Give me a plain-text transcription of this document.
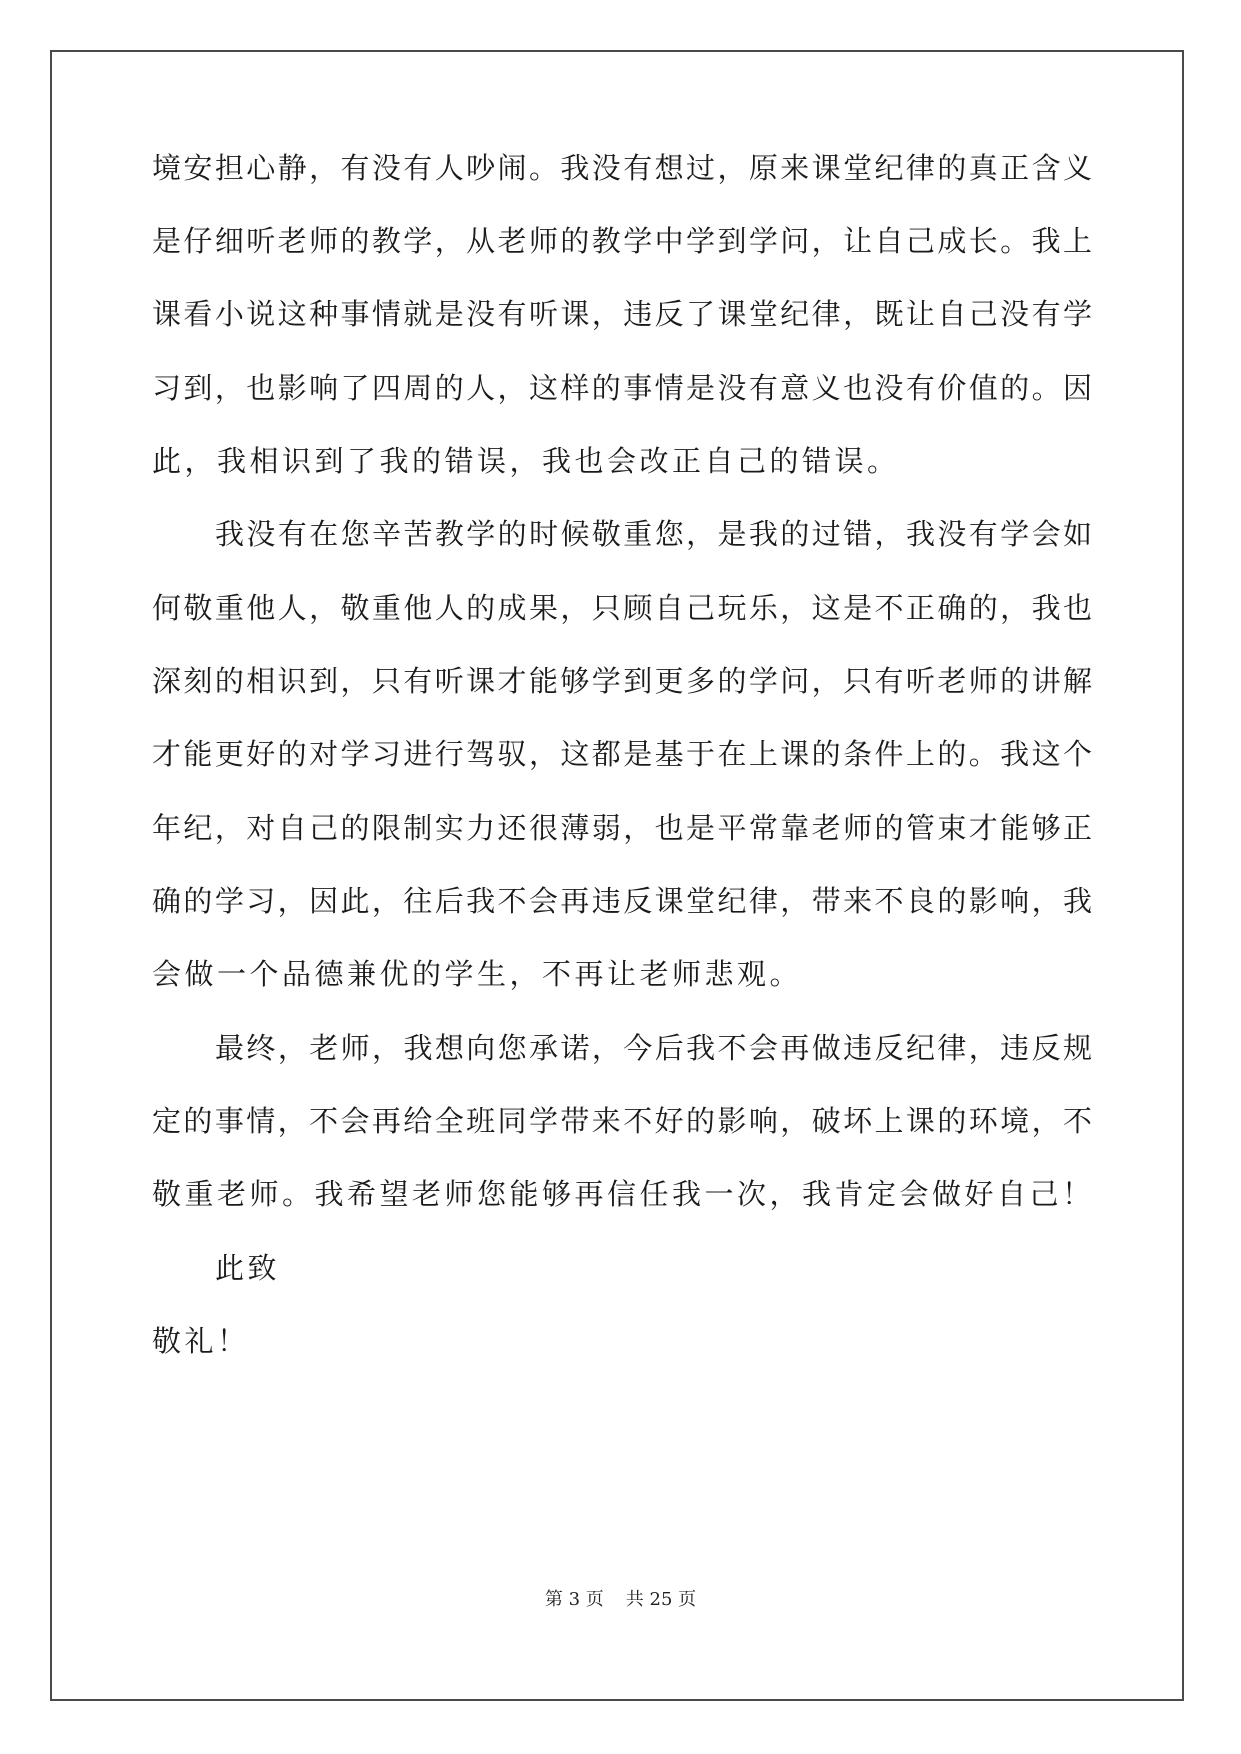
境安担心静，有没有人吵闹。我没有想过，原来课堂纪律的真正含义
是仔细听老师的教学，从老师的教学中学到学问，让自己成长。我上
课看小说这种事情就是没有听课，违反了课堂纪律，既让自己没有学
习到，也影响了四周的人，这样的事情是没有意义也没有价值的。因
此，我相识到了我的错误，我也会改正自己的错误。
我没有在您辛苦教学的时候敬重您，是我的过错，我没有学会如
何敬重他人，敬重他人的成果，只顾自己玩乐，这是不正确的，我也
深刻的相识到，只有听课才能够学到更多的学问，只有听老师的讲解
才能更好的对学习进行驾驭，这都是基于在上课的条件上的。我这个
年纪，对自己的限制实力还很薄弱，也是平常靠老师的管束才能够正
确的学习，因此，往后我不会再违反课堂纪律，带来不良的影响，我
会做一个品德兼优的学生，不再让老师悲观。
最终，老师，我想向您承诺，今后我不会再做违反纪律，违反规
定的事情，不会再给全班同学带来不好的影响，破坏上课的环境，不
敬重老师。我希望老师您能够再信任我一次，我肯定会做好自己！
此致
敬礼！
第 3 页 共 25 页
